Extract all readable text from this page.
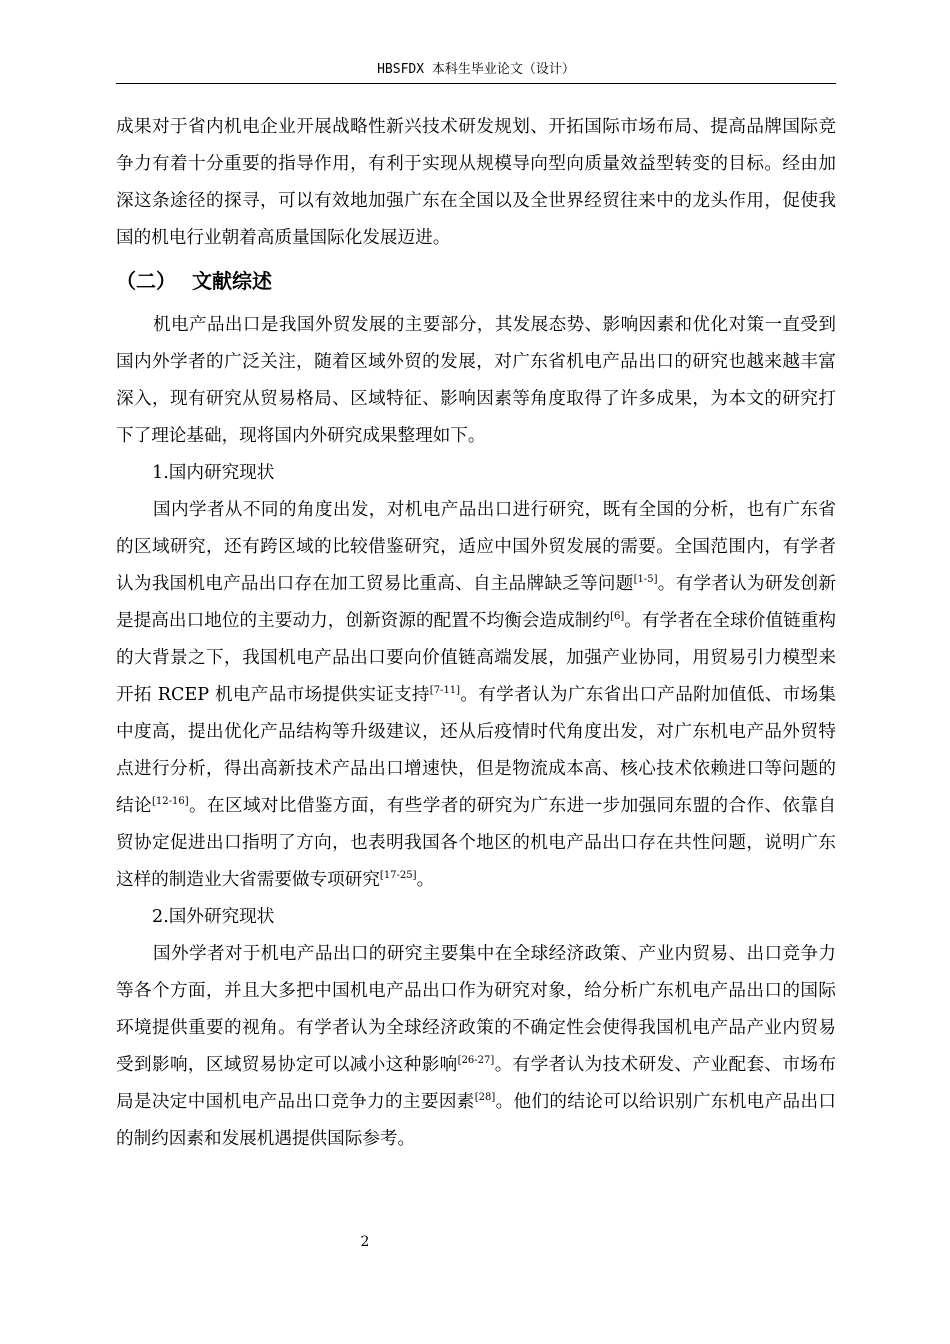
HBSFDX 本科生毕业论文（设计）

成果对于省内机电企业开展战略性新兴技术研发规划、开拓国际市场布局、提高品牌国际竞争力有着十分重要的指导作用，有利于实现从规模导向型向质量效益型转变的目标。经由加深这条途径的探寻，可以有效地加强广东在全国以及全世界经贸往来中的龙头作用，促使我国的机电行业朝着高质量国际化发展迈进。

（二） 文献综述

机电产品出口是我国外贸发展的主要部分，其发展态势、影响因素和优化对策一直受到国内外学者的广泛关注，随着区域外贸的发展，对广东省机电产品出口的研究也越来越丰富深入，现有研究从贸易格局、区域特征、影响因素等角度取得了许多成果，为本文的研究打下了理论基础，现将国内外研究成果整理如下。

1.国内研究现状

国内学者从不同的角度出发，对机电产品出口进行研究，既有全国的分析，也有广东省的区域研究，还有跨区域的比较借鉴研究，适应中国外贸发展的需要。全国范围内，有学者认为我国机电产品出口存在加工贸易比重高、自主品牌缺乏等问题[1-5]。有学者认为研发创新是提高出口地位的主要动力，创新资源的配置不均衡会造成制约[6]。有学者在全球价值链重构的大背景之下，我国机电产品出口要向价值链高端发展，加强产业协同，用贸易引力模型来开拓 RCEP 机电产品市场提供实证支持[7-11]。有学者认为广东省出口产品附加值低、市场集中度高，提出优化产品结构等升级建议，还从后疫情时代角度出发，对广东机电产品外贸特点进行分析，得出高新技术产品出口增速快，但是物流成本高、核心技术依赖进口等问题的结论[12-16]。在区域对比借鉴方面，有些学者的研究为广东进一步加强同东盟的合作、依靠自贸协定促进出口指明了方向，也表明我国各个地区的机电产品出口存在共性问题，说明广东这样的制造业大省需要做专项研究[17-25]。

2.国外研究现状

国外学者对于机电产品出口的研究主要集中在全球经济政策、产业内贸易、出口竞争力等各个方面，并且大多把中国机电产品出口作为研究对象，给分析广东机电产品出口的国际环境提供重要的视角。有学者认为全球经济政策的不确定性会使得我国机电产品产业内贸易受到影响，区域贸易协定可以减小这种影响[26-27]。有学者认为技术研发、产业配套、市场布局是决定中国机电产品出口竞争力的主要因素[28]。他们的结论可以给识别广东机电产品出口的制约因素和发展机遇提供国际参考。

2
